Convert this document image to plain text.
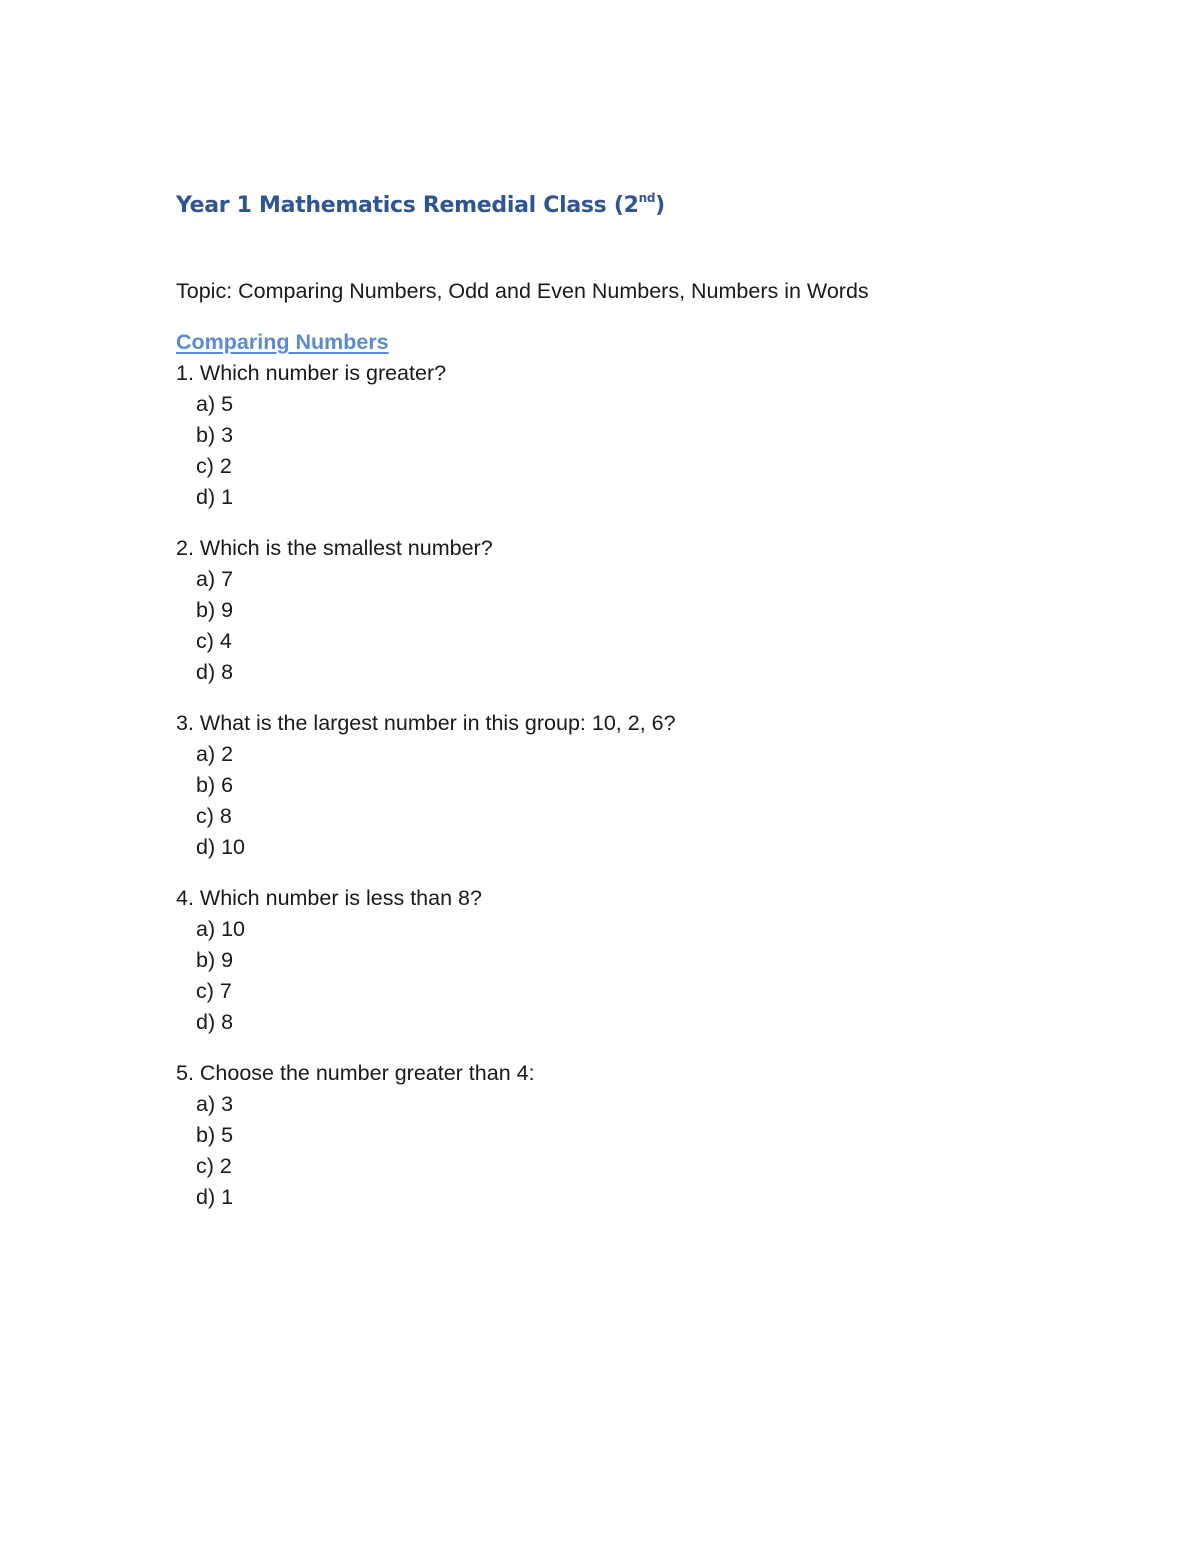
Year 1 Mathematics Remedial Class (2nd)

Topic: Comparing Numbers, Odd and Even Numbers, Numbers in Words

Comparing Numbers

1. Which number is greater?

a) 5
b) 3
c) 2
d) 1

2. Which is the smallest number?

a) 7
b) 9
c) 4
d) 8

3. What is the largest number in this group: 10, 2, 6?

a) 2
b) 6
c) 8
d) 10

4. Which number is less than 8?

a) 10
b) 9
c) 7
d) 8

5. Choose the number greater than 4:

a) 3
b) 5
c) 2
d) 1
